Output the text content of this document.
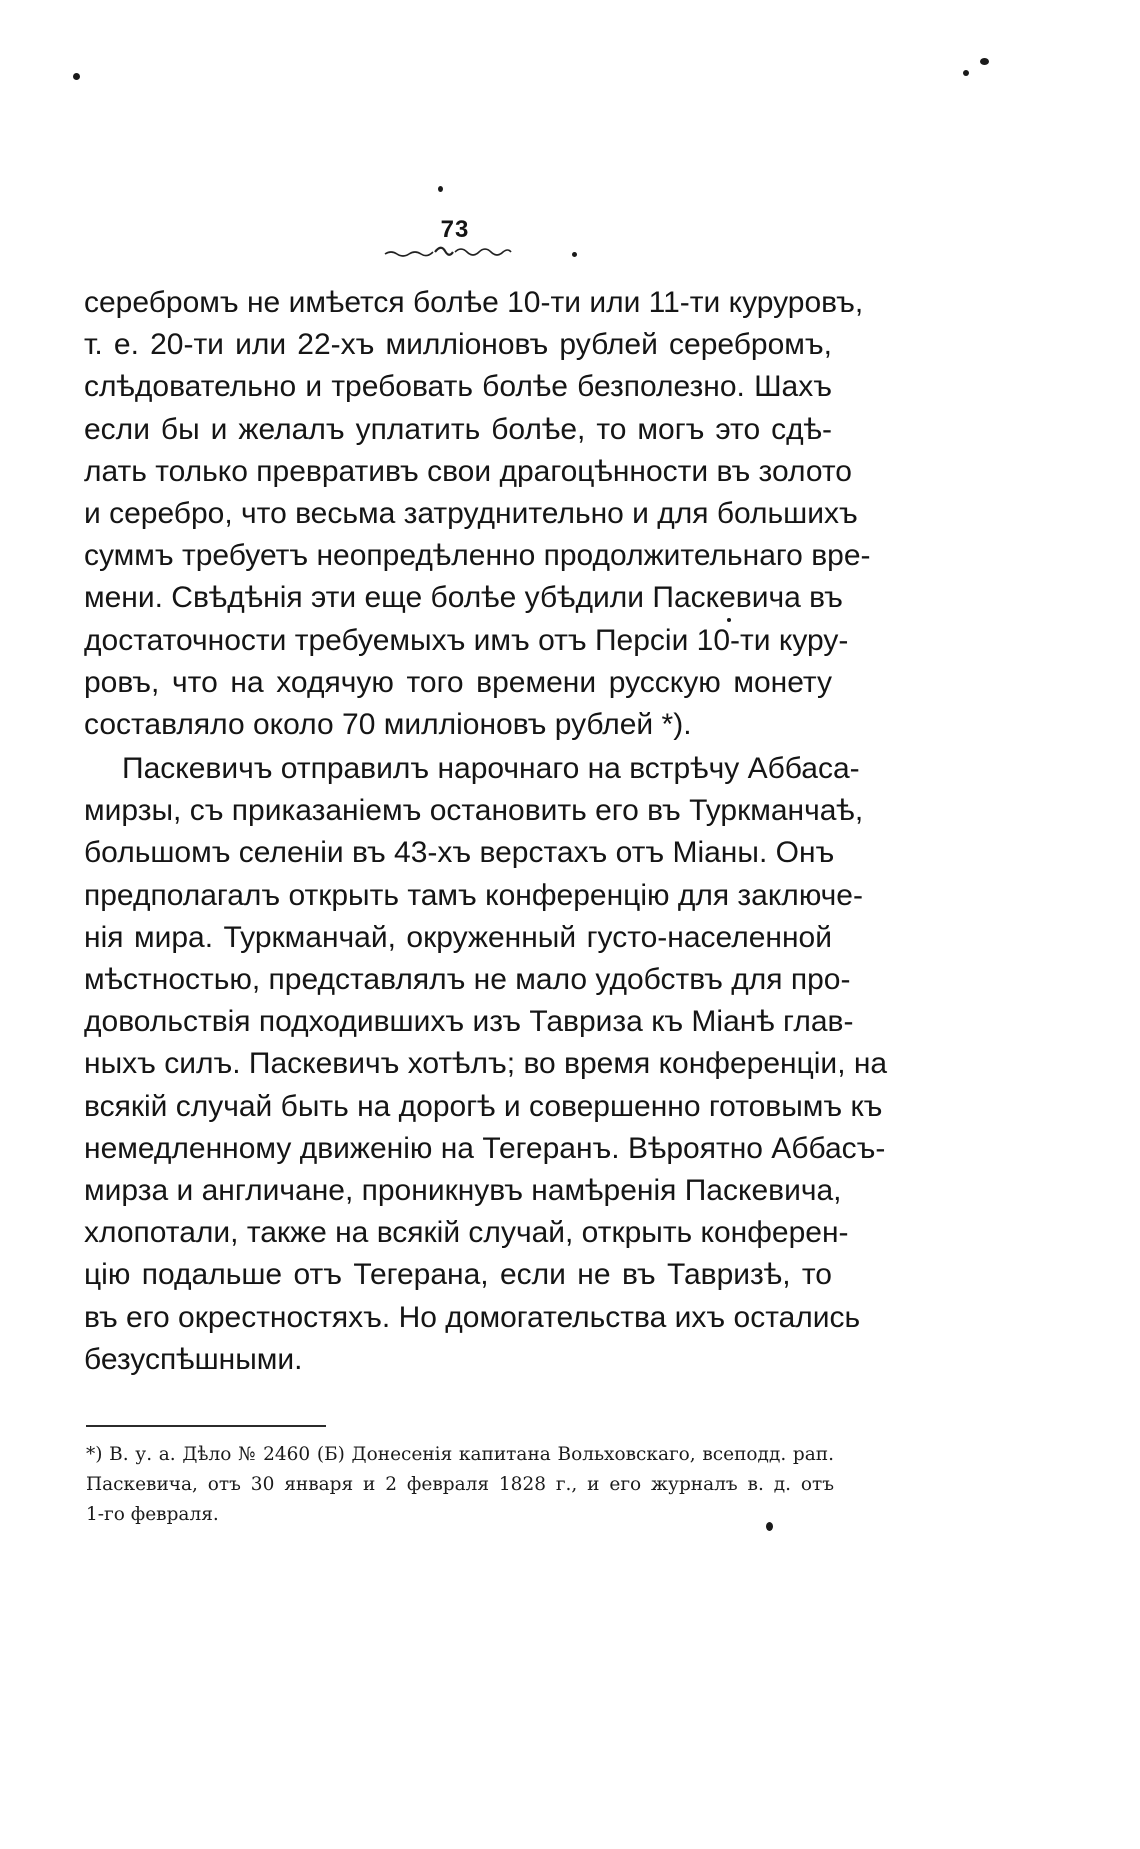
73
серебромъ не имѣется болѣе 10-ти или 11-ти куруровъ,
т. е. 20-ти или 22-хъ милліоновъ рублей серебромъ,
слѣдовательно и требовать болѣе безполезно. Шахъ
если бы и желалъ уплатить болѣе, то могъ это сдѣ-
лать только превративъ свои драгоцѣнности въ золото
и серебро, что весьма затруднительно и для большихъ
суммъ требуетъ неопредѣленно продолжительнаго вре-
мени. Свѣдѣнія эти еще болѣе убѣдили Паскевича въ
достаточности требуемыхъ имъ отъ Персіи 10-ти куру-
ровъ, что на ходячую того времени русскую монету
составляло около 70 милліоновъ рублей *).
Паскевичъ отправилъ нарочнаго на встрѣчу Аббаса-
мирзы, съ приказаніемъ остановить его въ Туркманчаѣ,
большомъ селеніи въ 43-хъ верстахъ отъ Міаны. Онъ
предполагалъ открыть тамъ конференцію для заключе-
нія мира. Туркманчай, окруженный густо-населенной
мѣстностью, представлялъ не мало удобствъ для про-
довольствія подходившихъ изъ Тавриза къ Міанѣ глав-
ныхъ силъ. Паскевичъ хотѣлъ; во время конференціи, на
всякій случай быть на дорогѣ и совершенно готовымъ къ
немедленному движенію на Тегеранъ. Вѣроятно Аббасъ-
мирза и англичане, проникнувъ намѣренія Паскевича,
хлопотали, также на всякій случай, открыть конферен-
цію подальше отъ Тегерана, если не въ Тавризѣ, то
въ его окрестностяхъ. Но домогательства ихъ остались
безуспѣшными.
*) В. у. а. Дѣло № 2460 (Б) Донесенія капитана Вольховскаго, всеподд. рап.
Паскевича, отъ 30 января и 2 февраля 1828 г., и его журналъ в. д. отъ
1-го февраля.
